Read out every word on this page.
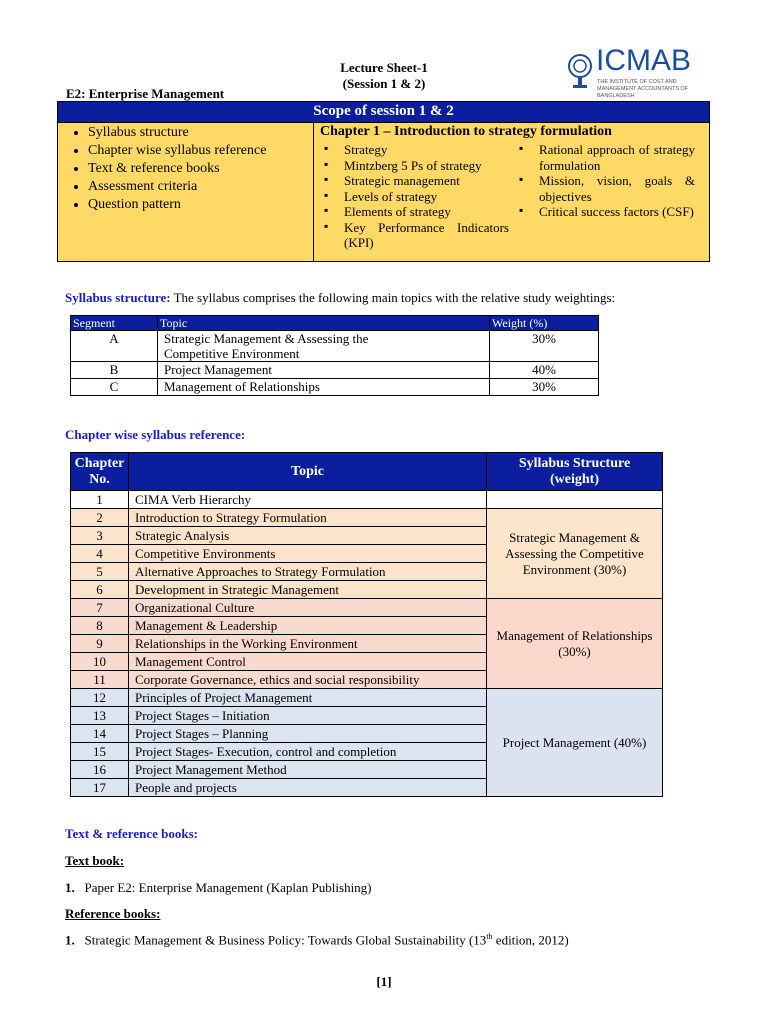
Lecture Sheet-1
(Session 1 & 2)
E2: Enterprise Management
ICMAB
THE INSTITUTE OF COST AND MANAGEMENT ACCOUNTANTS OF BANGLADESH
Scope of session 1 & 2
• Syllabus structure
• Chapter wise syllabus reference
• Text & reference books
• Assessment criteria
• Question pattern
Chapter 1 – Introduction to strategy formulation
▪ Strategy
▪ Mintzberg 5 Ps of strategy
▪ Strategic management
▪ Levels of strategy
▪ Elements of strategy
▪ Key Performance Indicators (KPI)
▪ Rational approach of strategy formulation
▪ Mission, vision, goals & objectives
▪ Critical success factors (CSF)
Syllabus structure: The syllabus comprises the following main topics with the relative study weightings:
Segment	Topic	Weight (%)
A	Strategic Management & Assessing the Competitive Environment	30%
B	Project Management	40%
C	Management of Relationships	30%
Chapter wise syllabus reference:
Chapter No.	Topic	Syllabus Structure (weight)
1	CIMA Verb Hierarchy	
2	Introduction to Strategy Formulation	Strategic Management & Assessing the Competitive Environment (30%)
3	Strategic Analysis	
4	Competitive Environments	
5	Alternative Approaches to Strategy Formulation	
6	Development in Strategic Management	
7	Organizational Culture	Management of Relationships (30%)
8	Management & Leadership	
9	Relationships in the Working Environment	
10	Management Control	
11	Corporate Governance, ethics and social responsibility	
12	Principles of Project Management	Project Management (40%)
13	Project Stages – Initiation	
14	Project Stages – Planning	
15	Project Stages- Execution, control and completion	
16	Project Management Method	
17	People and projects	
Text & reference books:
Text book:
1. Paper E2: Enterprise Management (Kaplan Publishing)
Reference books:
1. Strategic Management & Business Policy: Towards Global Sustainability (13th edition, 2012)
[1]
